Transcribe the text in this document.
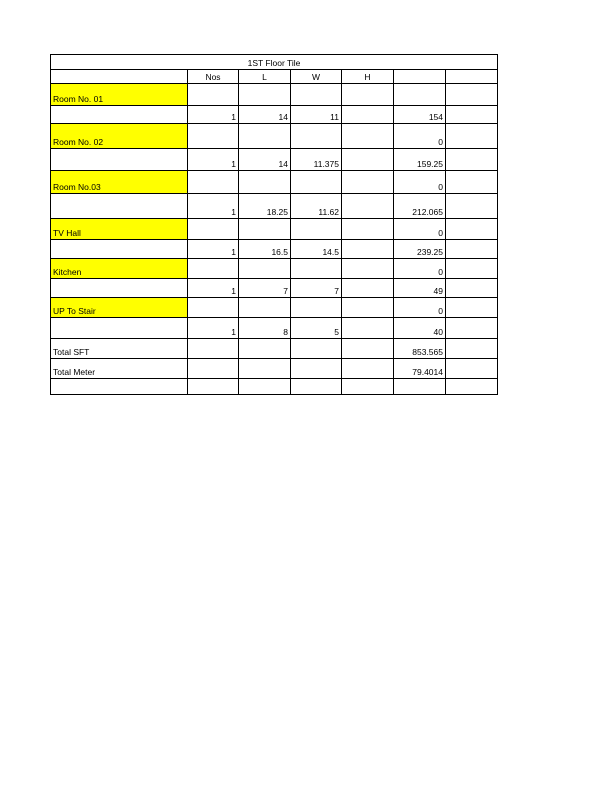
1ST Floor Tile						
	Nos	L	W	H		
Room No. 01						
	1	14	11		154	
Room No. 02					0	
	1	14	11.375		159.25	
Room No.03					0	
	1	18.25	11.62		212.065	
TV Hall					0	
	1	16.5	14.5		239.25	
Kitchen					0	
	1	7	7		49	
UP To Stair					0	
	1	8	5		40	
Total SFT					853.565	
Total Meter					79.4014	
